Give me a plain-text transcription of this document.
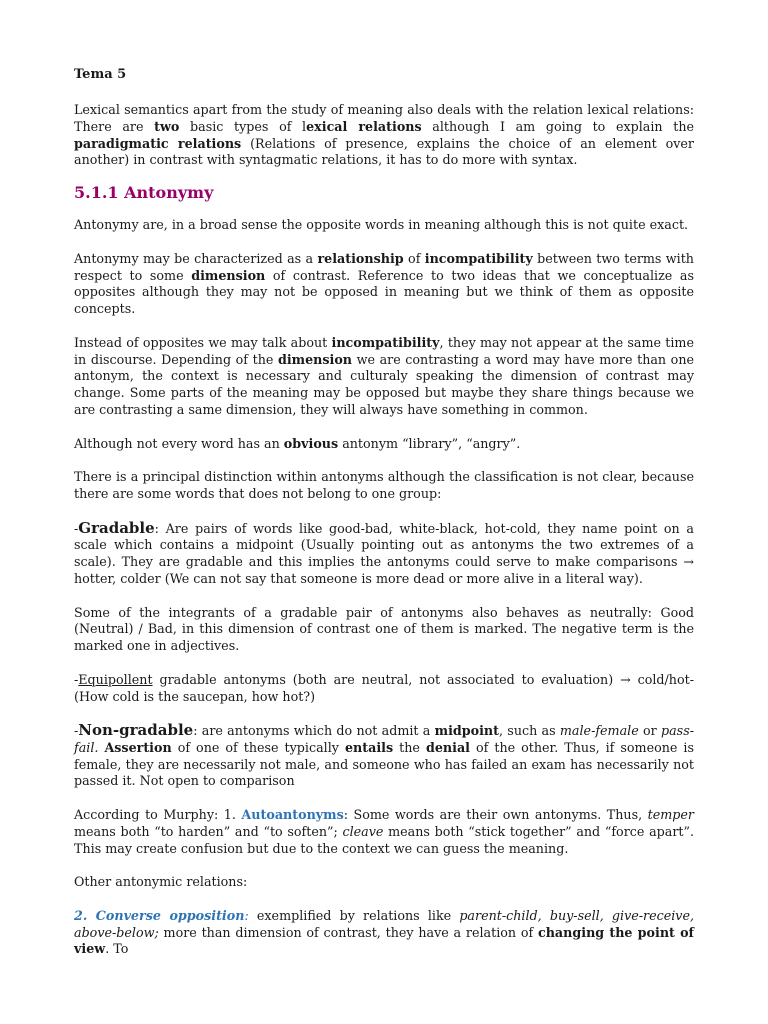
Tema 5

Lexical semantics apart from the study of meaning also deals with the relation lexical relations: There are two basic types of lexical relations although I am going to explain the paradigmatic relations (Relations of presence, explains the choice of an element over another) in contrast with syntagmatic relations, it has to do more with syntax.

5.1.1 Antonymy

Antonymy are, in a broad sense the opposite words in meaning although this is not quite exact.

Antonymy may be characterized as a relationship of incompatibility between two terms with respect to some dimension of contrast. Reference to two ideas that we conceptualize as opposites although they may not be opposed in meaning but we think of them as opposite concepts.

Instead of opposites we may talk about incompatibility, they may not appear at the same time in discourse. Depending of the dimension we are contrasting a word may have more than one antonym, the context is necessary and culturaly speaking the dimension of contrast may change. Some parts of the meaning may be opposed but maybe they share things because we are contrasting a same dimension, they will always have something in common.

Although not every word has an obvious antonym “library”, “angry”.

There is a principal distinction within antonyms although the classification is not clear, because there are some words that does not belong to one group:

-Gradable: Are pairs of words like good-bad, white-black, hot-cold, they name point on a scale which contains a midpoint (Usually pointing out as antonyms the two extremes of a scale). They are gradable and this implies the antonyms could serve to make comparisons → hotter, colder (We can not say that someone is more dead or more alive in a literal way).

Some of the integrants of a gradable pair of antonyms also behaves as neutrally: Good (Neutral) / Bad, in this dimension of contrast one of them is marked. The negative term is the marked one in adjectives.

-Equipollent gradable antonyms (both are neutral, not associated to evaluation) → cold/hot- (How cold is the saucepan, how hot?)

-Non-gradable: are antonyms which do not admit a midpoint, such as male-female or pass-fail. Assertion of one of these typically entails the denial of the other. Thus, if someone is female, they are necessarily not male, and someone who has failed an exam has necessarily not passed it. Not open to comparison

According to Murphy: 1. Autoantonyms: Some words are their own antonyms. Thus, temper means both “to harden” and “to soften”; cleave means both “stick together” and “force apart”. This may create confusion but due to the context we can guess the meaning.

Other antonymic relations:

2. Converse opposition: exemplified by relations like parent-child, buy-sell, give-receive, above-below; more than dimension of contrast, they have a relation of changing the point of view. To
